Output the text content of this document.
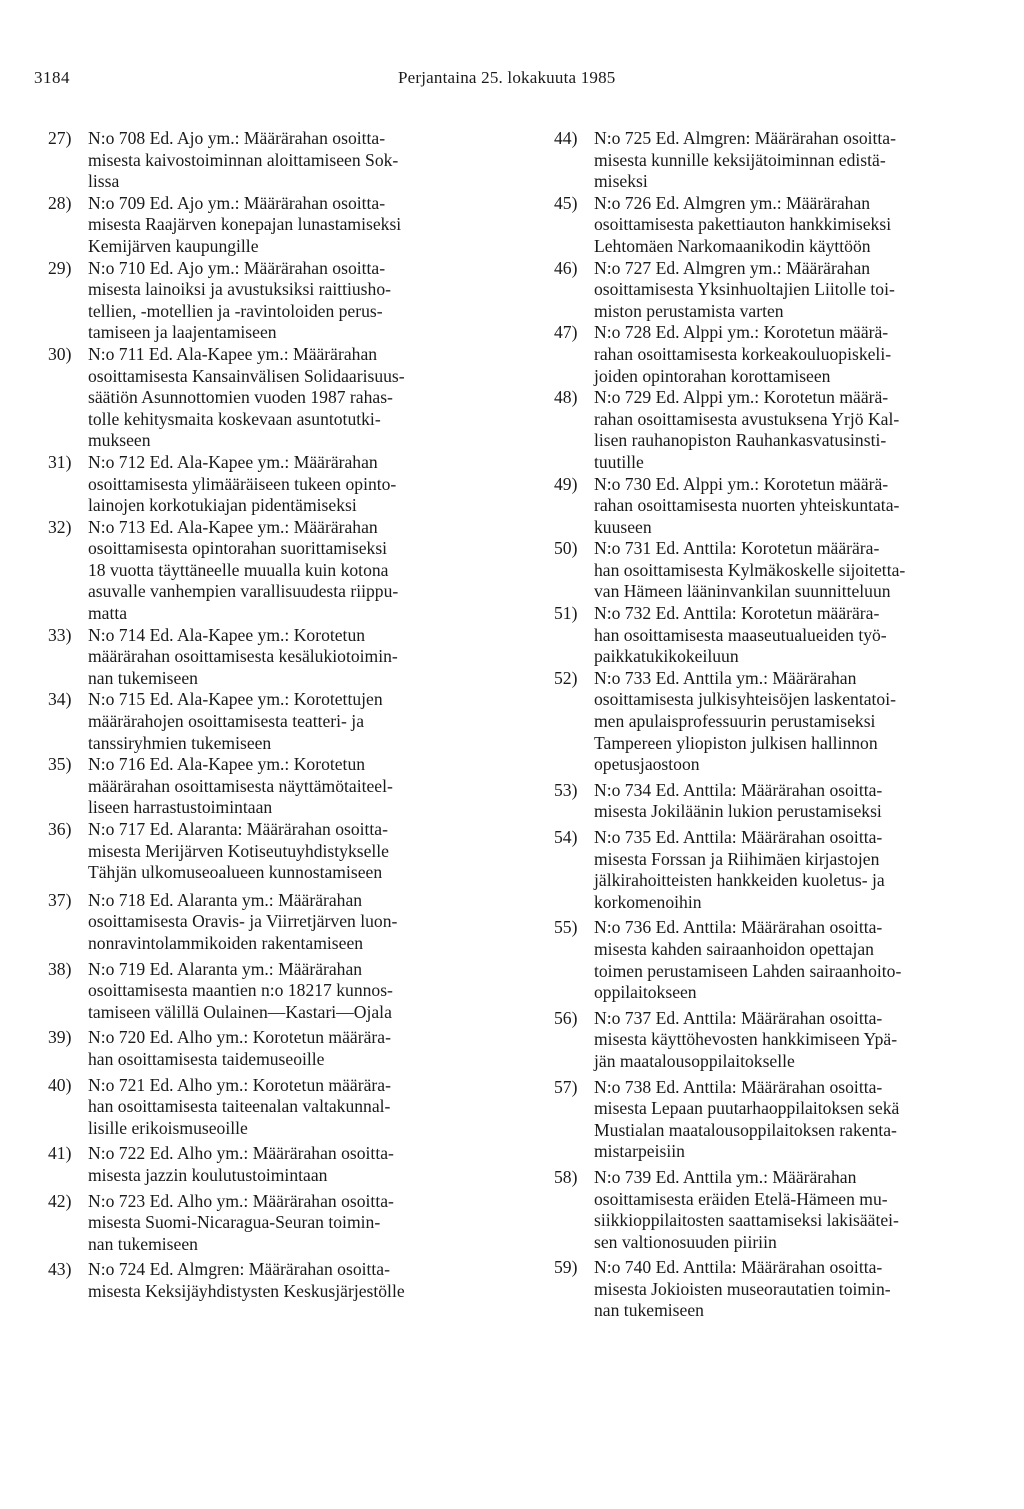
3184	Perjantaina 25. lokakuuta 1985
27) N:o 708 Ed. Ajo ym.: Määrärahan osoitta-
misesta kaivostoiminnan aloittamiseen Sok-
lissa
28) N:o 709 Ed. Ajo ym.: Määrärahan osoitta-
misesta Raajärven konepajan lunastamiseksi
Kemijärven kaupungille
29) N:o 710 Ed. Ajo ym.: Määrärahan osoitta-
misesta lainoiksi ja avustuksiksi raittiusho-
tellien, -motellien ja -ravintoloiden perus-
tamiseen ja laajentamiseen
30) N:o 711 Ed. Ala-Kapee ym.: Määrärahan
osoittamisesta Kansainvälisen Solidaarisuus-
säätiön Asunnottomien vuoden 1987 rahas-
tolle kehitysmaita koskevaan asuntotutki-
mukseen
31) N:o 712 Ed. Ala-Kapee ym.: Määrärahan
osoittamisesta ylimääräiseen tukeen opinto-
lainojen korkotukiajan pidentämiseksi
32) N:o 713 Ed. Ala-Kapee ym.: Määrärahan
osoittamisesta opintorahan suorittamiseksi
18 vuotta täyttäneelle muualla kuin kotona
asuvalle vanhempien varallisuudesta riippu-
matta
33) N:o 714 Ed. Ala-Kapee ym.: Korotetun
määrärahan osoittamisesta kesälukiotoimin-
nan tukemiseen
34) N:o 715 Ed. Ala-Kapee ym.: Korotettujen
määrärahojen osoittamisesta teatteri- ja
tanssiryhmien tukemiseen
35) N:o 716 Ed. Ala-Kapee ym.: Korotetun
määrärahan osoittamisesta näyttämötaiteel-
liseen harrastustoimintaan
36) N:o 717 Ed. Alaranta: Määrärahan osoitta-
misesta Merijärven Kotiseutuyhdistykselle
Tähjän ulkomuseoalueen kunnostamiseen
37) N:o 718 Ed. Alaranta ym.: Määrärahan
osoittamisesta Oravis- ja Viirretjärven luon-
nonravintolammikoiden rakentamiseen
38) N:o 719 Ed. Alaranta ym.: Määrärahan
osoittamisesta maantien n:o 18217 kunnos-
tamiseen välillä Oulainen—Kastari—Ojala
39) N:o 720 Ed. Alho ym.: Korotetun määrära-
han osoittamisesta taidemuseoille
40) N:o 721 Ed. Alho ym.: Korotetun määrära-
han osoittamisesta taiteenalan valtakunnal-
lisille erikoismuseoille
41) N:o 722 Ed. Alho ym.: Määrärahan osoitta-
misesta jazzin koulutustoimintaan
42) N:o 723 Ed. Alho ym.: Määrärahan osoitta-
misesta Suomi-Nicaragua-Seuran toimin-
nan tukemiseen
43) N:o 724 Ed. Almgren: Määrärahan osoitta-
misesta Keksijäyhdistysten Keskusjärjestölle
44) N:o 725 Ed. Almgren: Määrärahan osoitta-
misesta kunnille keksijätoiminnan edistä-
miseksi
45) N:o 726 Ed. Almgren ym.: Määrärahan
osoittamisesta pakettiauton hankkimiseksi
Lehtomäen Narkomaanikodin käyttöön
46) N:o 727 Ed. Almgren ym.: Määrärahan
osoittamisesta Yksinhuoltajien Liitolle toi-
miston perustamista varten
47) N:o 728 Ed. Alppi ym.: Korotetun määrä-
rahan osoittamisesta korkeakouluopiskeli-
joiden opintorahan korottamiseen
48) N:o 729 Ed. Alppi ym.: Korotetun määrä-
rahan osoittamisesta avustuksena Yrjö Kal-
lisen rauhanopiston Rauhankasvatusinsti-
tuutille
49) N:o 730 Ed. Alppi ym.: Korotetun määrä-
rahan osoittamisesta nuorten yhteiskuntata-
kuuseen
50) N:o 731 Ed. Anttila: Korotetun määrära-
han osoittamisesta Kylmäkoskelle sijoitetta-
van Hämeen lääninvankilan suunnitteluun
51) N:o 732 Ed. Anttila: Korotetun määrära-
han osoittamisesta maaseutualueiden työ-
paikkatukikokeiluun
52) N:o 733 Ed. Anttila ym.: Määrärahan
osoittamisesta julkisyhteisöjen laskentatoi-
men apulaisprofessuurin perustamiseksi
Tampereen yliopiston julkisen hallinnon
opetusjaostoon
53) N:o 734 Ed. Anttila: Määrärahan osoitta-
misesta Jokiläänin lukion perustamiseksi
54) N:o 735 Ed. Anttila: Määrärahan osoitta-
misesta Forssan ja Riihimäen kirjastojen
jälkirahoitteisten hankkeiden kuoletus- ja
korkomenoihin
55) N:o 736 Ed. Anttila: Määrärahan osoitta-
misesta kahden sairaanhoidon opettajan
toimen perustamiseen Lahden sairaanhoito-
oppilaitokseen
56) N:o 737 Ed. Anttila: Määrärahan osoitta-
misesta käyttöhevosten hankkimiseen Ypä-
jän maatalousoppilaitokselle
57) N:o 738 Ed. Anttila: Määrärahan osoitta-
misesta Lepaan puutarhaoppilaitoksen sekä
Mustialan maatalousoppilaitoksen rakenta-
mistarpeisiin
58) N:o 739 Ed. Anttila ym.: Määrärahan
osoittamisesta eräiden Etelä-Hämeen mu-
siikkioppilaitosten saattamiseksi lakisäätei-
sen valtionosuuden piiriin
59) N:o 740 Ed. Anttila: Määrärahan osoitta-
misesta Jokioisten museorautatien toimin-
nan tukemiseen
